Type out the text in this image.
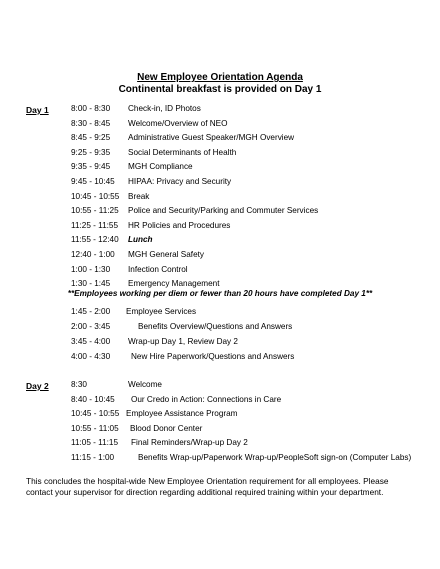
New Employee Orientation Agenda
Continental breakfast is provided on Day 1
Day 1	8:00 - 8:30 Check-in, ID Photos
8:30 - 8:45 Welcome/Overview of NEO
8:45 - 9:25 Administrative Guest Speaker/MGH Overview
9:25 - 9:35 Social Determinants of Health
9:35 - 9:45 MGH Compliance
9:45 - 10:45 HIPAA: Privacy and Security
10:45 - 10:55 Break
10:55 - 11:25 Police and Security/Parking and Commuter Services
11:25 - 11:55 HR Policies and Procedures
11:55 - 12:40 Lunch
12:40 - 1:00 MGH General Safety
1:00 - 1:30 Infection Control
1:30 - 1:45 Emergency Management
**Employees working per diem or fewer than 20 hours have completed Day 1**
1:45 - 2:00 Employee Services
2:00 - 3:45	Benefits Overview/Questions and Answers
3:45 - 4:00 Wrap-up Day 1, Review Day 2
4:00 - 4:30	New Hire Paperwork/Questions and Answers
Day 2	8:30	Welcome
8:40 - 10:45 Our Credo in Action: Connections in Care
10:45 - 10:55 Employee Assistance Program
10:55 - 11:05 Blood Donor Center
11:05 - 11:15 Final Reminders/Wrap-up Day 2
11:15 - 1:00	Benefits Wrap-up/Paperwork Wrap-up/PeopleSoft sign-on (Computer Labs)
This concludes the hospital-wide New Employee Orientation requirement for all employees. Please contact your supervisor for direction regarding additional required training within your department.
